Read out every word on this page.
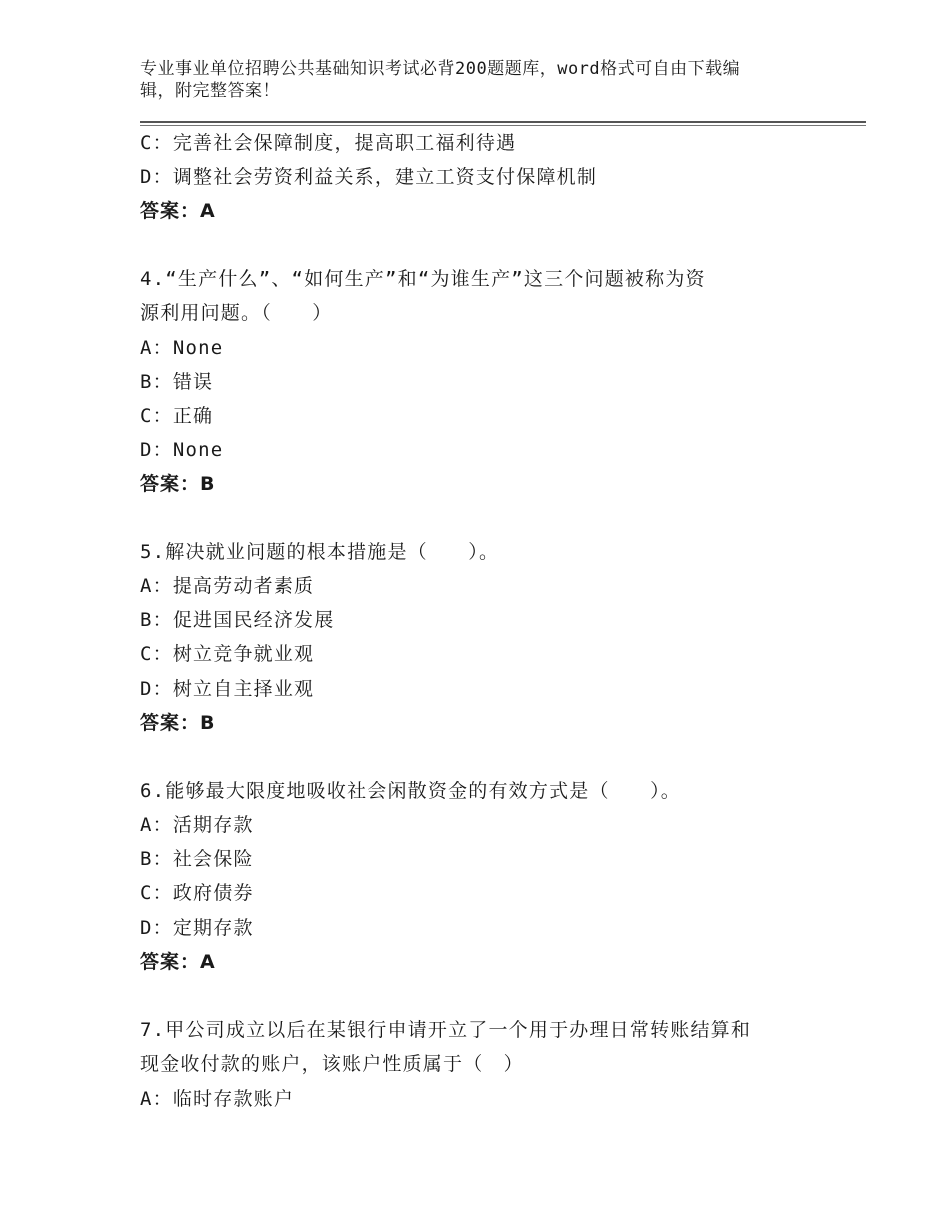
专业事业单位招聘公共基础知识考试必背200题题库，word格式可自由下载编
辑，附完整答案！
C：完善社会保障制度，提高职工福利待遇
D：调整社会劳资利益关系，建立工资支付保障机制
答案：A
4.“生产什么”、“如何生产”和“为谁生产”这三个问题被称为资
源利用问题。（　　）
A：None
B：错误
C：正确
D：None
答案：B
5.解决就业问题的根本措施是（　　）。
A：提高劳动者素质
B：促进国民经济发展
C：树立竞争就业观
D：树立自主择业观
答案：B
6.能够最大限度地吸收社会闲散资金的有效方式是（　　）。
A：活期存款
B：社会保险
C：政府债券
D：定期存款
答案：A
7.甲公司成立以后在某银行申请开立了一个用于办理日常转账结算和
现金收付款的账户，该账户性质属于（　）
A：临时存款账户
